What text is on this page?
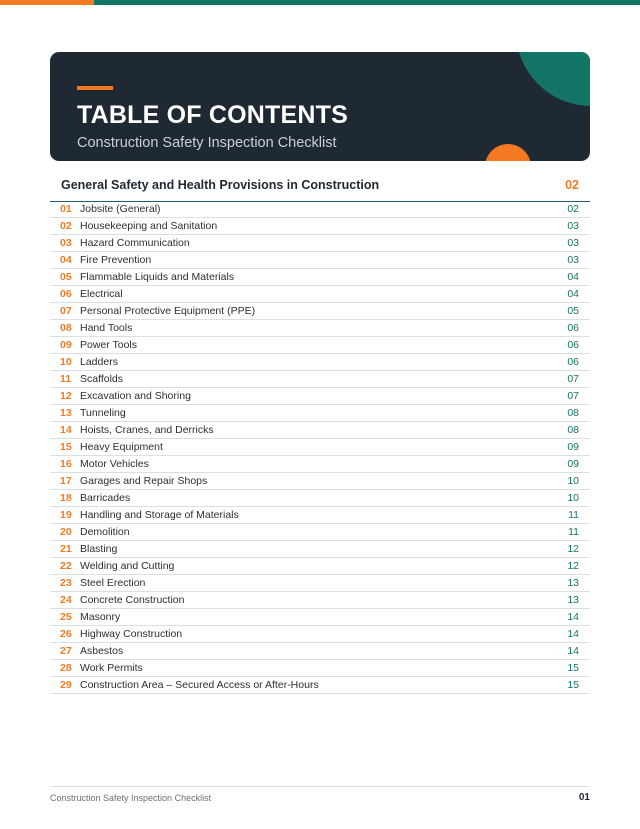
TABLE OF CONTENTS
Construction Safety Inspection Checklist
General Safety and Health Provisions in Construction	02
01 Jobsite (General)	02
02 Housekeeping and Sanitation	03
03 Hazard Communication	03
04 Fire Prevention	03
05 Flammable Liquids and Materials	04
06 Electrical	04
07 Personal Protective Equipment (PPE)	05
08 Hand Tools	06
09 Power Tools	06
10 Ladders	06
11 Scaffolds	07
12 Excavation and Shoring	07
13 Tunneling	08
14 Hoists, Cranes, and Derricks	08
15 Heavy Equipment	09
16 Motor Vehicles	09
17 Garages and Repair Shops	10
18 Barricades	10
19 Handling and Storage of Materials	11
20 Demolition	11
21 Blasting	12
22 Welding and Cutting	12
23 Steel Erection	13
24 Concrete Construction	13
25 Masonry	14
26 Highway Construction	14
27 Asbestos	14
28 Work Permits	15
29 Construction Area – Secured Access or After-Hours	15
Construction Safety Inspection Checklist	01
